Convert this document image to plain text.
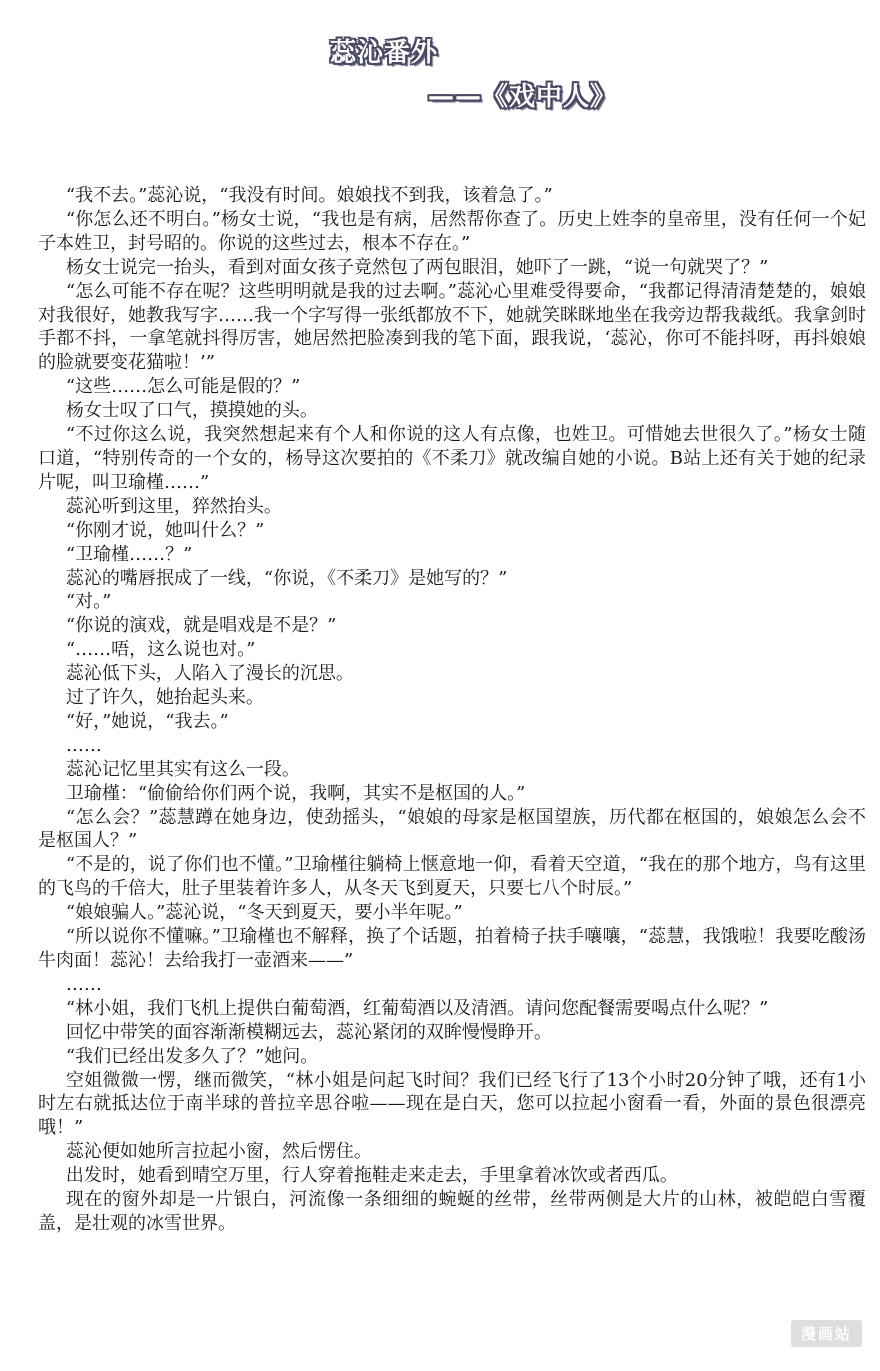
蕊沁番外
——《戏中人》

“我不去。”蕊沁说，“我没有时间。娘娘找不到我，该着急了。”

“你怎么还不明白。”杨女士说，“我也是有病，居然帮你查了。历史上姓李的皇帝里，没有任何一个妃子本姓卫，封号昭的。你说的这些过去，根本不存在。”

杨女士说完一抬头，看到对面女孩子竟然包了两包眼泪，她吓了一跳，“说一句就哭了？”

“怎么可能不存在呢？这些明明就是我的过去啊。”蕊沁心里难受得要命，“我都记得清清楚楚的，娘娘对我很好，她教我写字……我一个字写得一张纸都放不下，她就笑眯眯地坐在我旁边帮我裁纸。我拿剑时手都不抖，一拿笔就抖得厉害，她居然把脸凑到我的笔下面，跟我说，‘蕊沁，你可不能抖呀，再抖娘娘的脸就要变花猫啦！’”

“这些……怎么可能是假的？”

杨女士叹了口气，摸摸她的头。

“不过你这么说，我突然想起来有个人和你说的这人有点像，也姓卫。可惜她去世很久了。”杨女士随口道，“特别传奇的一个女的，杨导这次要拍的《不柔刀》就改编自她的小说。B站上还有关于她的纪录片呢，叫卫瑜槿……”

蕊沁听到这里，猝然抬头。

“你刚才说，她叫什么？”

“卫瑜槿……？”

蕊沁的嘴唇抿成了一线，“你说，《不柔刀》是她写的？”

“对。”

“你说的演戏，就是唱戏是不是？”

“……唔，这么说也对。”

蕊沁低下头，人陷入了漫长的沉思。

过了许久，她抬起头来。

“好，”她说，“我去。”

……

蕊沁记忆里其实有这么一段。

卫瑜槿：“偷偷给你们两个说，我啊，其实不是枢国的人。”

“怎么会？”蕊慧蹲在她身边，使劲摇头，“娘娘的母家是枢国望族，历代都在枢国的，娘娘怎么会不是枢国人？”

“不是的，说了你们也不懂。”卫瑜槿往躺椅上惬意地一仰，看着天空道，“我在的那个地方，鸟有这里的飞鸟的千倍大，肚子里装着许多人，从冬天飞到夏天，只要七八个时辰。”

“娘娘骗人。”蕊沁说，“冬天到夏天，要小半年呢。”

“所以说你不懂嘛。”卫瑜槿也不解释，换了个话题，拍着椅子扶手嚷嚷，“蕊慧，我饿啦！我要吃酸汤牛肉面！蕊沁！去给我打一壶酒来——”

……

“林小姐，我们飞机上提供白葡萄酒，红葡萄酒以及清酒。请问您配餐需要喝点什么呢？”

回忆中带笑的面容渐渐模糊远去，蕊沁紧闭的双眸慢慢睁开。

“我们已经出发多久了？”她问。

空姐微微一愣，继而微笑，“林小姐是问起飞时间？我们已经飞行了13个小时20分钟了哦，还有1小时左右就抵达位于南半球的普拉辛思谷啦——现在是白天，您可以拉起小窗看一看，外面的景色很漂亮哦！”

蕊沁便如她所言拉起小窗，然后愣住。

出发时，她看到晴空万里，行人穿着拖鞋走来走去，手里拿着冰饮或者西瓜。

现在的窗外却是一片银白，河流像一条细细的蜿蜒的丝带，丝带两侧是大片的山林，被皑皑白雪覆盖，是壮观的冰雪世界。

漫画站
